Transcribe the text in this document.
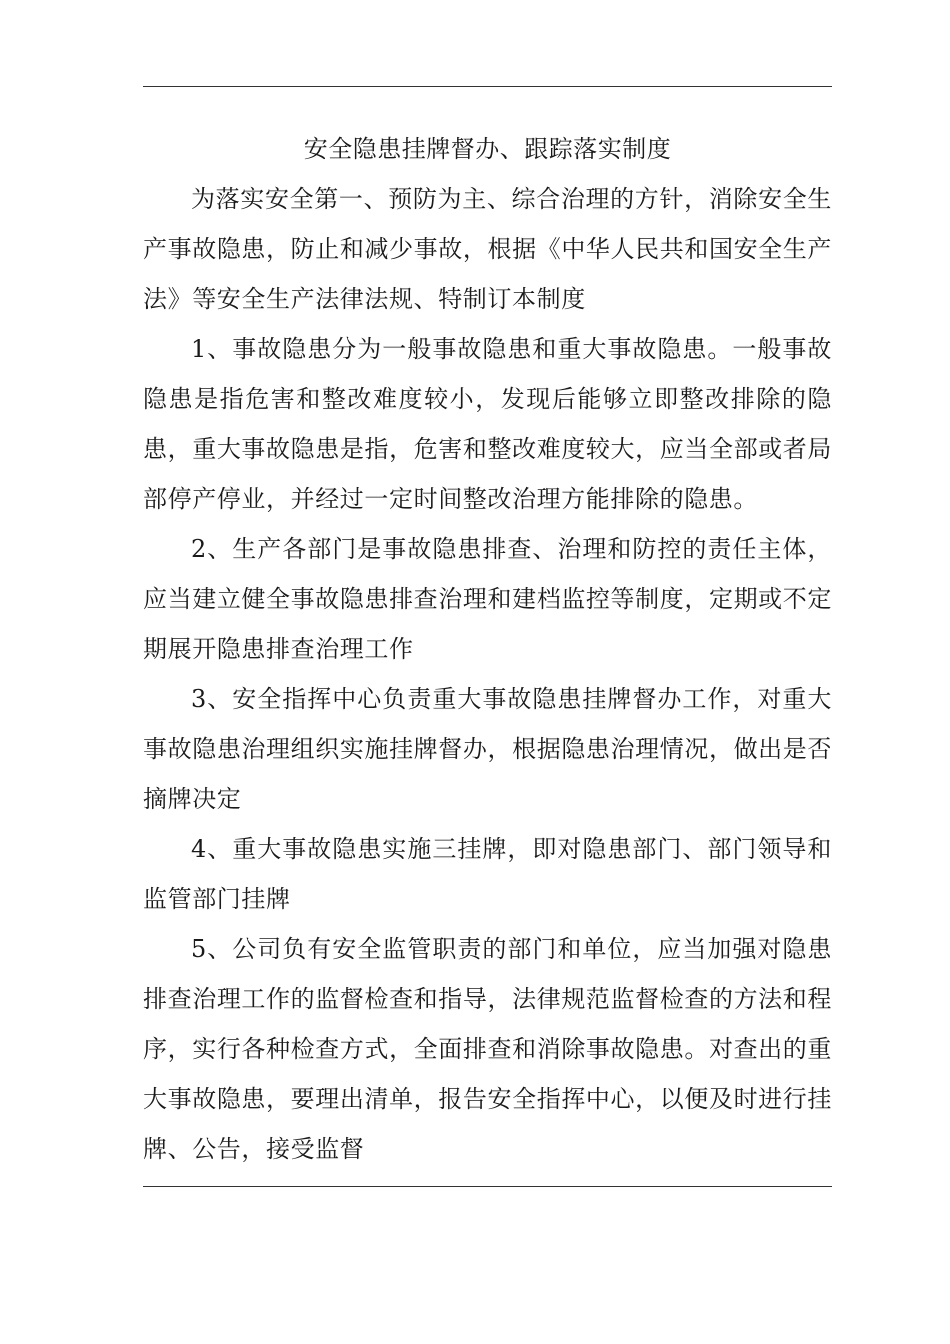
安全隐患挂牌督办、跟踪落实制度

为落实安全第一、预防为主、综合治理的方针，消除安全生产事故隐患，防止和减少事故，根据《中华人民共和国安全生产法》等安全生产法律法规、特制订本制度

1、事故隐患分为一般事故隐患和重大事故隐患。一般事故隐患是指危害和整改难度较小，发现后能够立即整改排除的隐患，重大事故隐患是指，危害和整改难度较大，应当全部或者局部停产停业，并经过一定时间整改治理方能排除的隐患。

2、生产各部门是事故隐患排查、治理和防控的责任主体，应当建立健全事故隐患排查治理和建档监控等制度，定期或不定期展开隐患排查治理工作

3、安全指挥中心负责重大事故隐患挂牌督办工作，对重大事故隐患治理组织实施挂牌督办，根据隐患治理情况，做出是否摘牌决定

4、重大事故隐患实施三挂牌，即对隐患部门、部门领导和监管部门挂牌

5、公司负有安全监管职责的部门和单位，应当加强对隐患排查治理工作的监督检查和指导，法律规范监督检查的方法和程序，实行各种检查方式，全面排查和消除事故隐患。对查出的重大事故隐患，要理出清单，报告安全指挥中心，以便及时进行挂牌、公告，接受监督
